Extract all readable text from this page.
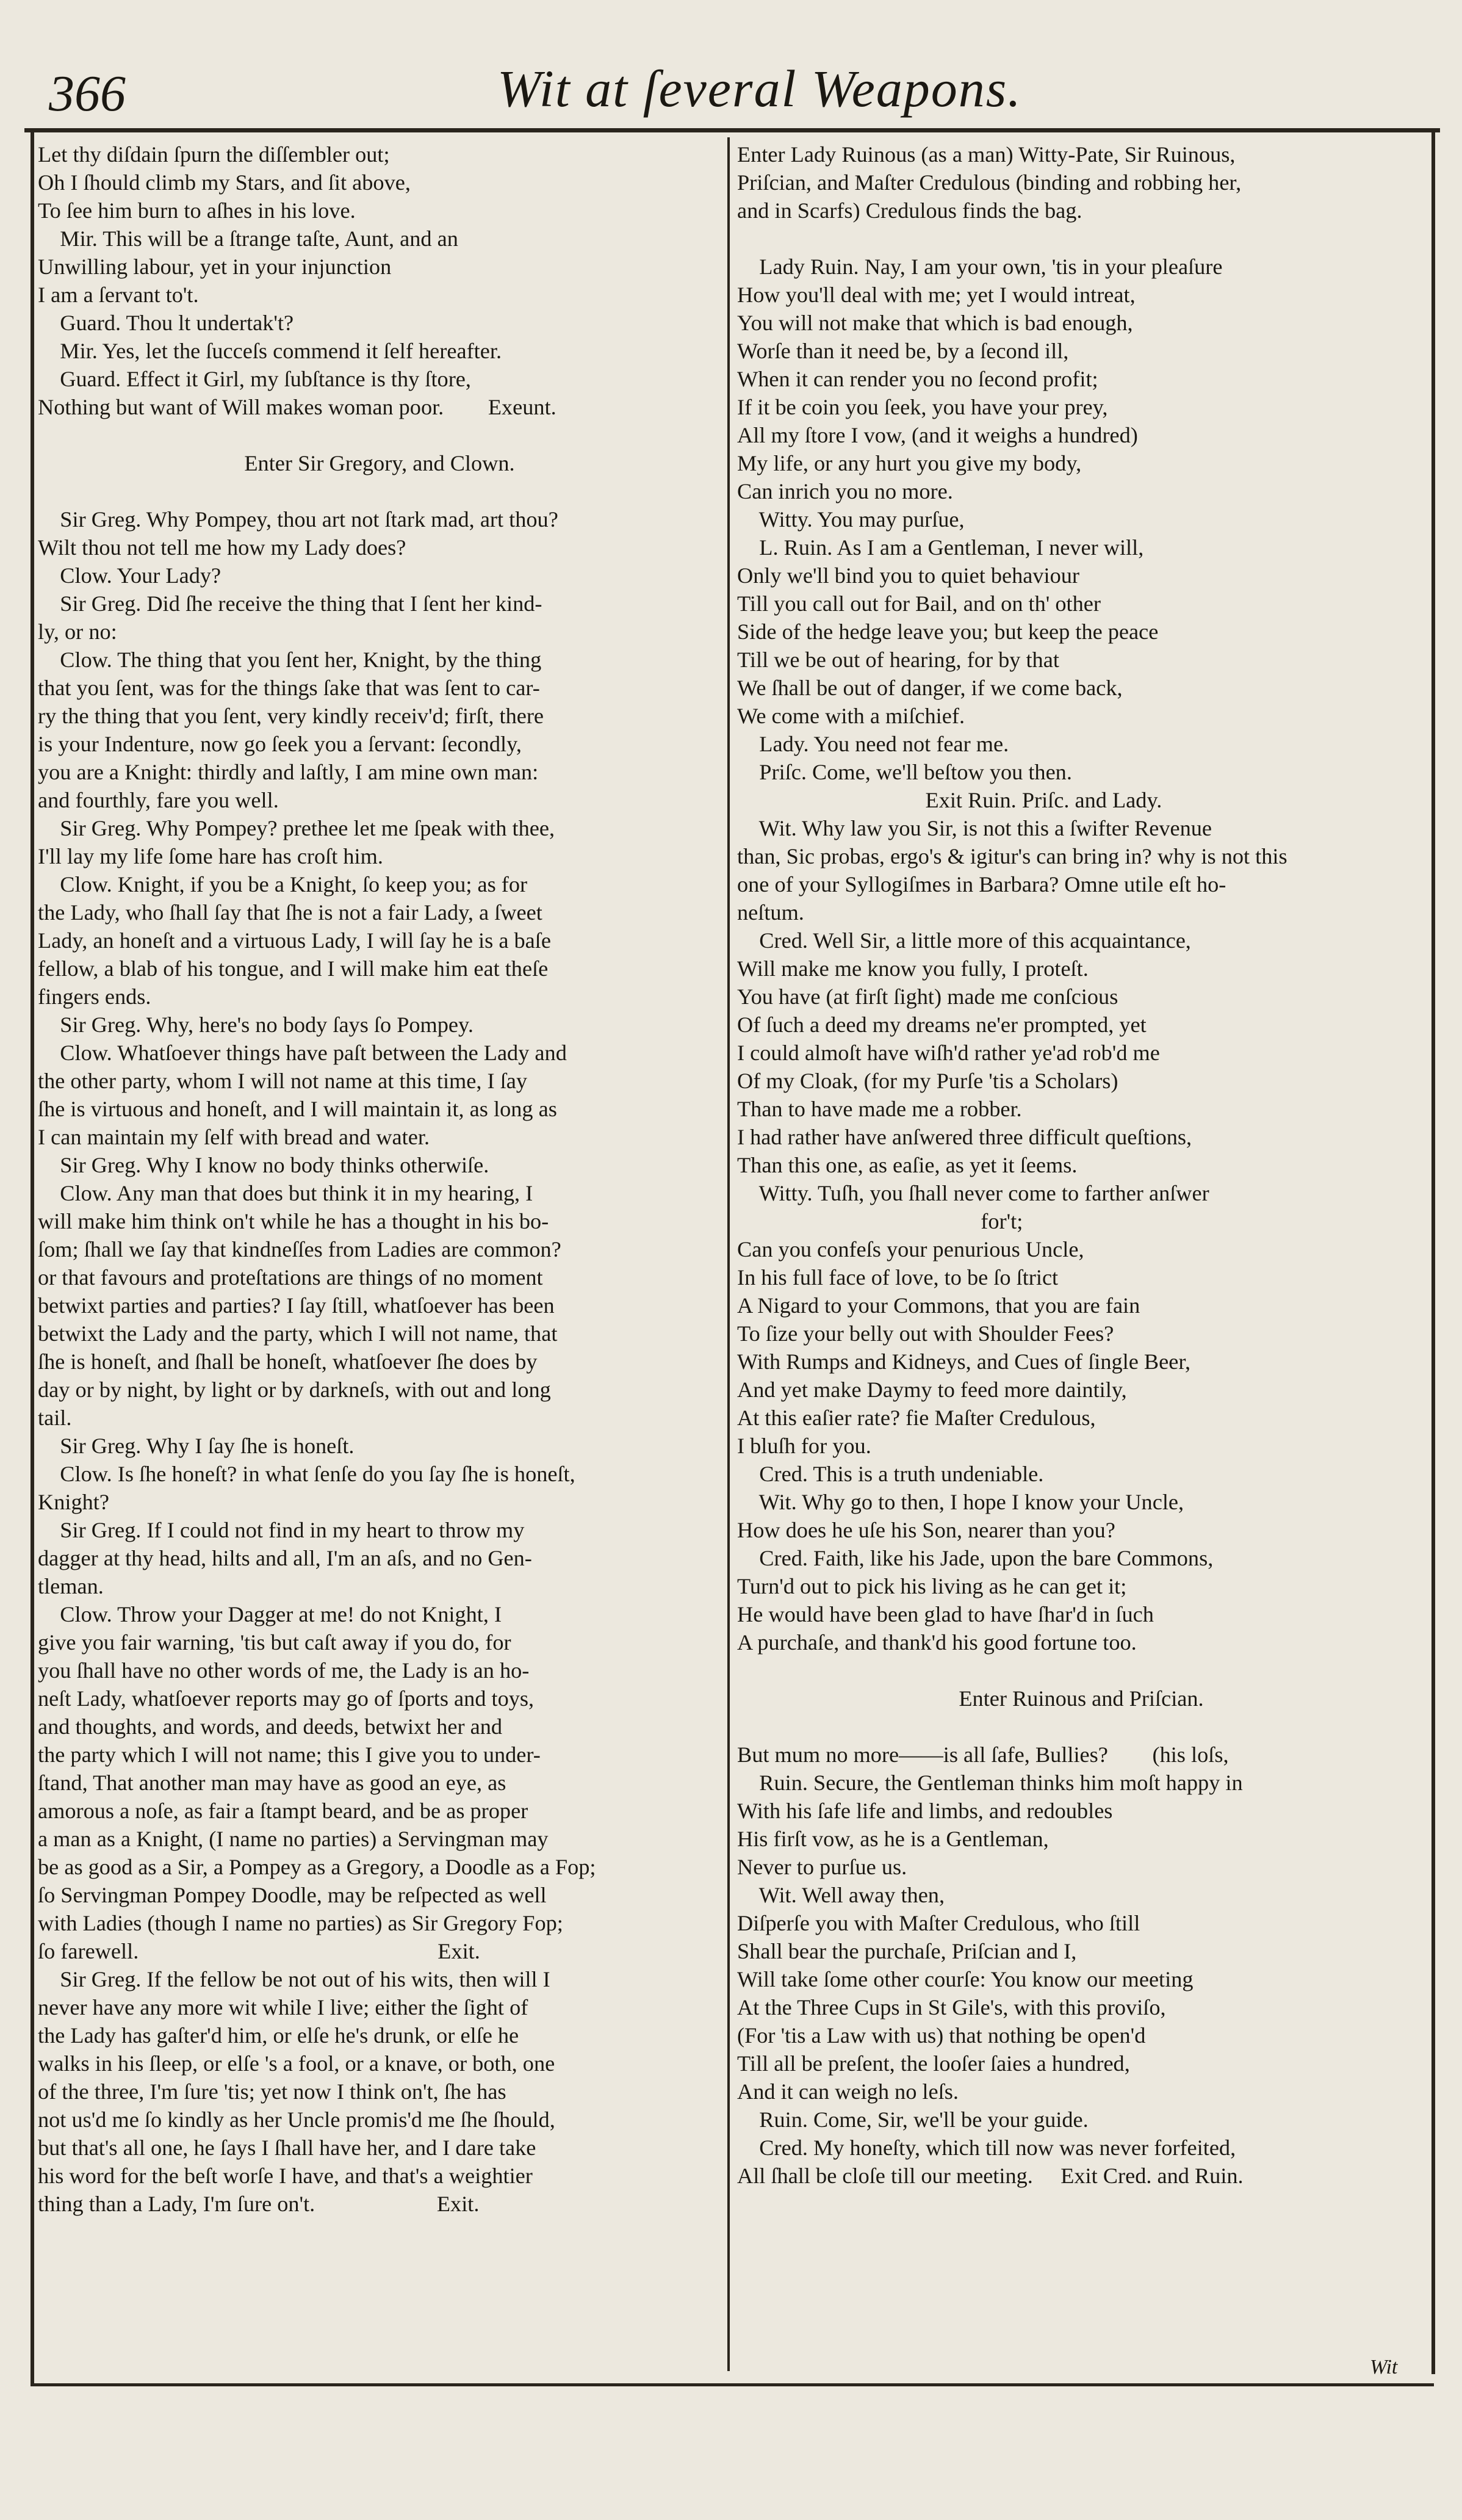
366	Wit at ſeveral Weapons.
Let thy diſdain ſpurn the diſſembler out;
Oh I ſhould climb my Stars, and ſit above,
To ſee him burn to aſhes in his love.
Mir. This will be a ſtrange taſte, Aunt, and an
Unwilling labour, yet in your injunction
I am a ſervant to't.
Guard. Thou lt undertak't?
Mir. Yes, let the ſucceſs commend it ſelf hereafter.
Guard. Effect it Girl, my ſubſtance is thy ſtore,
Nothing but want of Will makes woman poor.        Exeunt.
Enter Sir Gregory, and Clown.
Sir Greg. Why Pompey, thou art not ſtark mad, art thou?
Wilt thou not tell me how my Lady does?
Clow. Your Lady?
Sir Greg. Did ſhe receive the thing that I ſent her kind-
ly, or no:
Clow. The thing that you ſent her, Knight, by the thing
that you ſent, was for the things ſake that was ſent to car-
ry the thing that you ſent, very kindly receiv'd; firſt, there
is your Indenture, now go ſeek you a ſervant: ſecondly,
you are a Knight: thirdly and laſtly, I am mine own man:
and fourthly, fare you well.
Sir Greg. Why Pompey? prethee let me ſpeak with thee,
I'll lay my life ſome hare has croſt him.
Clow. Knight, if you be a Knight, ſo keep you; as for
the Lady, who ſhall ſay that ſhe is not a fair Lady, a ſweet
Lady, an honeſt and a virtuous Lady, I will ſay he is a baſe
fellow, a blab of his tongue, and I will make him eat theſe
fingers ends.
Sir Greg. Why, here's no body ſays ſo Pompey.
Clow. Whatſoever things have paſt between the Lady and
the other party, whom I will not name at this time, I ſay
ſhe is virtuous and honeſt, and I will maintain it, as long as
I can maintain my ſelf with bread and water.
Sir Greg. Why I know no body thinks otherwiſe.
Clow. Any man that does but think it in my hearing, I
will make him think on't while he has a thought in his bo-
ſom; ſhall we ſay that kindneſſes from Ladies are common?
or that favours and proteſtations are things of no moment
betwixt parties and parties? I ſay ſtill, whatſoever has been
betwixt the Lady and the party, which I will not name, that
ſhe is honeſt, and ſhall be honeſt, whatſoever ſhe does by
day or by night, by light or by darkneſs, with out and long
tail.
Sir Greg. Why I ſay ſhe is honeſt.
Clow. Is ſhe honeſt? in what ſenſe do you ſay ſhe is honeſt,
Knight?
Sir Greg. If I could not find in my heart to throw my
dagger at thy head, hilts and all, I'm an aſs, and no Gen-
tleman.
Clow. Throw your Dagger at me! do not Knight, I
give you fair warning, 'tis but caſt away if you do, for
you ſhall have no other words of me, the Lady is an ho-
neſt Lady, whatſoever reports may go of ſports and toys,
and thoughts, and words, and deeds, betwixt her and
the party which I will not name; this I give you to under-
ſtand, That another man may have as good an eye, as
amorous a noſe, as fair a ſtampt beard, and be as proper
a man as a Knight, (I name no parties) a Servingman may
be as good as a Sir, a Pompey as a Gregory, a Doodle as a Fop;
ſo Servingman Pompey Doodle, may be reſpected as well
with Ladies (though I name no parties) as Sir Gregory Fop;
ſo farewell.                                                      Exit.
Sir Greg. If the fellow be not out of his wits, then will I
never have any more wit while I live; either the ſight of
the Lady has gaſter'd him, or elſe he's drunk, or elſe he
walks in his ſleep, or elſe 's a fool, or a knave, or both, one
of the three, I'm ſure 'tis; yet now I think on't, ſhe has
not us'd me ſo kindly as her Uncle promis'd me ſhe ſhould,
but that's all one, he ſays I ſhall have her, and I dare take
his word for the beſt worſe I have, and that's a weightier
thing than a Lady, I'm ſure on't.                      Exit.
Enter Lady Ruinous (as a man) Witty-Pate, Sir Ruinous,
Priſcian, and Maſter Credulous (binding and robbing her,
and in Scarfs) Credulous finds the bag.
Lady Ruin. Nay, I am your own, 'tis in your pleaſure
How you'll deal with me; yet I would intreat,
You will not make that which is bad enough,
Worſe than it need be, by a ſecond ill,
When it can render you no ſecond profit;
If it be coin you ſeek, you have your prey,
All my ſtore I vow, (and it weighs a hundred)
My life, or any hurt you give my body,
Can inrich you no more.
Witty. You may purſue,
L. Ruin. As I am a Gentleman, I never will,
Only we'll bind you to quiet behaviour
Till you call out for Bail, and on th' other
Side of the hedge leave you; but keep the peace
Till we be out of hearing, for by that
We ſhall be out of danger, if we come back,
We come with a miſchief.
Lady. You need not fear me.
Priſc. Come, we'll beſtow you then.
Exit Ruin. Priſc. and Lady.
Wit. Why law you Sir, is not this a ſwifter Revenue
than, Sic probas, ergo's & igitur's can bring in? why is not this
one of your Syllogiſmes in Barbara? Omne utile eſt ho-
neſtum.
Cred. Well Sir, a little more of this acquaintance,
Will make me know you fully, I proteſt.
You have (at firſt ſight) made me conſcious
Of ſuch a deed my dreams ne'er prompted, yet
I could almoſt have wiſh'd rather ye'ad rob'd me
Of my Cloak, (for my Purſe 'tis a Scholars)
Than to have made me a robber.
I had rather have anſwered three difficult queſtions,
Than this one, as eaſie, as yet it ſeems.
Witty. Tuſh, you ſhall never come to farther anſwer
for't;
Can you confeſs your penurious Uncle,
In his full face of love, to be ſo ſtrict
A Nigard to your Commons, that you are fain
To ſize your belly out with Shoulder Fees?
With Rumps and Kidneys, and Cues of ſingle Beer,
And yet make Daymy to feed more daintily,
At this eaſier rate? fie Maſter Credulous,
I bluſh for you.
Cred. This is a truth undeniable.
Wit. Why go to then, I hope I know your Uncle,
How does he uſe his Son, nearer than you?
Cred. Faith, like his Jade, upon the bare Commons,
Turn'd out to pick his living as he can get it;
He would have been glad to have ſhar'd in ſuch
A purchaſe, and thank'd his good fortune too.
Enter Ruinous and Priſcian.
But mum no more——is all ſafe, Bullies?        (his loſs,
Ruin. Secure, the Gentleman thinks him moſt happy in
With his ſafe life and limbs, and redoubles
His firſt vow, as he is a Gentleman,
Never to purſue us.
Wit. Well away then,
Diſperſe you with Maſter Credulous, who ſtill
Shall bear the purchaſe, Priſcian and I,
Will take ſome other courſe: You know our meeting
At the Three Cups in St Gile's, with this proviſo,
(For 'tis a Law with us) that nothing be open'd
Till all be preſent, the looſer ſaies a hundred,
And it can weigh no leſs.
Ruin. Come, Sir, we'll be your guide.
Cred. My honeſty, which till now was never forfeited,
All ſhall be cloſe till our meeting.     Exit Cred. and Ruin.
Wit
